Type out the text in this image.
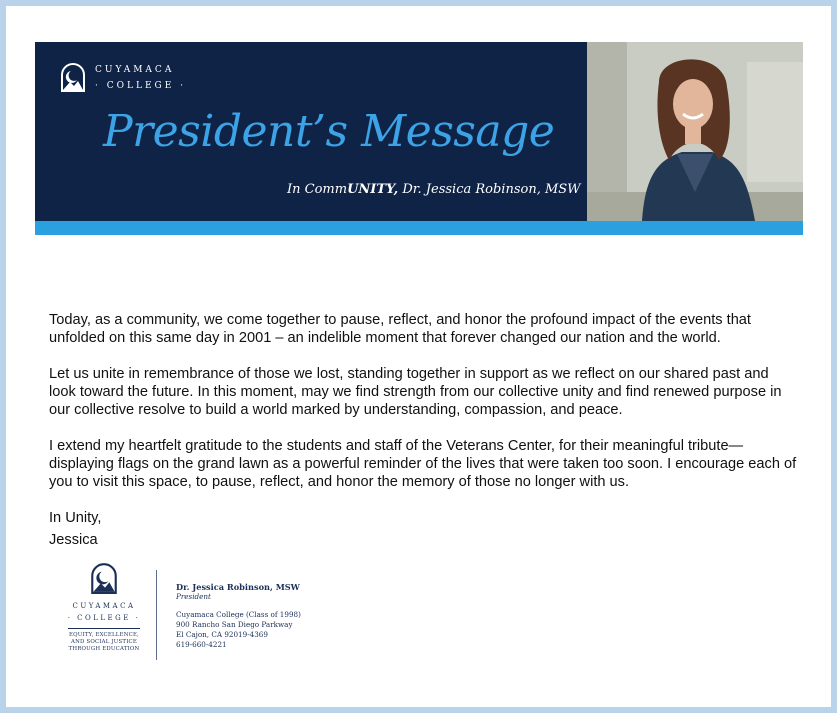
CUYAMACA
· COLLEGE ·
President’s Message
In CommUNITY, Dr. Jessica Robinson, MSW

Today, as a community, we come together to pause, reflect, and honor the profound impact of the events that unfolded on this same day in 2001 – an indelible moment that forever changed our nation and the world.

Let us unite in remembrance of those we lost, standing together in support as we reflect on our shared past and look toward the future. In this moment, may we find strength from our collective unity and find renewed purpose in our collective resolve to build a world marked by understanding, compassion, and peace.

I extend my heartfelt gratitude to the students and staff of the Veterans Center, for their meaningful tribute—displaying flags on the grand lawn as a powerful reminder of the lives that were taken too soon. I encourage each of you to visit this space, to pause, reflect, and honor the memory of those no longer with us.

In Unity,

Jessica

CUYAMACA
· COLLEGE ·
EQUITY, EXCELLENCE,
AND SOCIAL JUSTICE
THROUGH EDUCATION
Dr. Jessica Robinson, MSW
President
Cuyamaca College (Class of 1998)
900 Rancho San Diego Parkway
El Cajon, CA 92019-4369
619-660-4221
